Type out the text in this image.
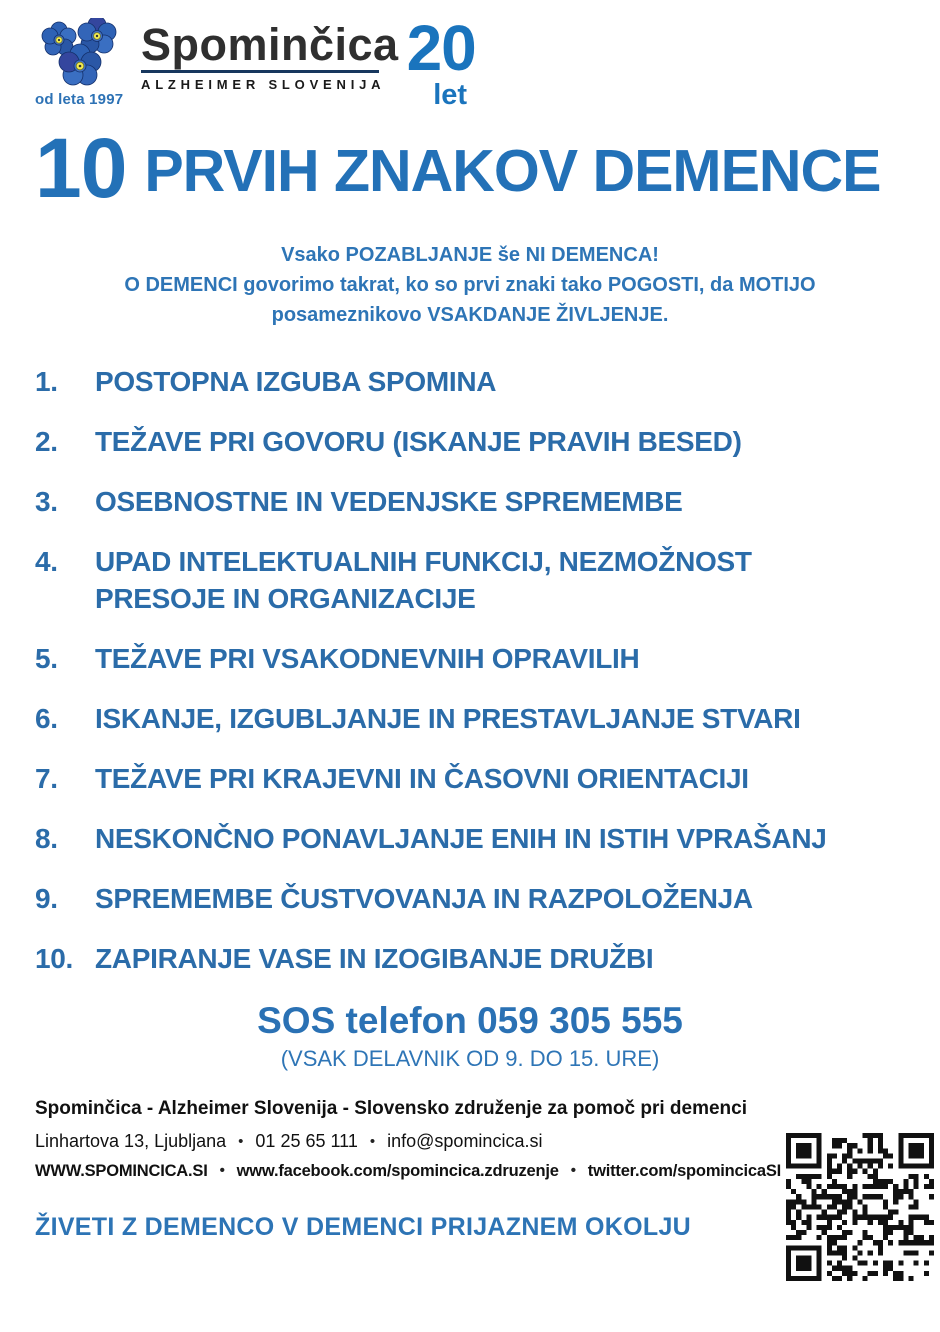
od leta 1997
Spominčica
ALZHEIMER SLOVENIJA
20
let
10 PRVIH ZNAKOV DEMENCE
Vsako POZABLJANJE še NI DEMENCA!
O DEMENCI govorimo takrat, ko so prvi znaki tako POGOSTI, da MOTIJO
posameznikovo VSAKDANJE ŽIVLJENJE.
1.	POSTOPNA IZGUBA SPOMINA
2.	TEŽAVE PRI GOVORU (ISKANJE PRAVIH BESED)
3.	OSEBNOSTNE IN VEDENJSKE SPREMEMBE
4.	UPAD INTELEKTUALNIH FUNKCIJ, NEZMOŽNOST PRESOJE IN ORGANIZACIJE
5.	TEŽAVE PRI VSAKODNEVNIH OPRAVILIH
6.	ISKANJE, IZGUBLJANJE IN PRESTAVLJANJE STVARI
7.	TEŽAVE PRI KRAJEVNI IN ČASOVNI ORIENTACIJI
8.	NESKONČNO PONAVLJANJE ENIH IN ISTIH VPRAŠANJ
9.	SPREMEMBE ČUSTVOVANJA IN RAZPOLOŽENJA
10. ZAPIRANJE VASE IN IZOGIBANJE DRUŽBI
SOS telefon 059 305 555
(VSAK DELAVNIK OD 9. DO 15. URE)
Spominčica - Alzheimer Slovenija - Slovensko združenje za pomoč pri demenci
Linhartova 13, Ljubljana • 01 25 65 111 • info@spomincica.si
WWW.SPOMINCICA.SI • www.facebook.com/spomincica.zdruzenje • twitter.com/spomincicaSI
ŽIVETI Z DEMENCO V DEMENCI PRIJAZNEM OKOLJU
